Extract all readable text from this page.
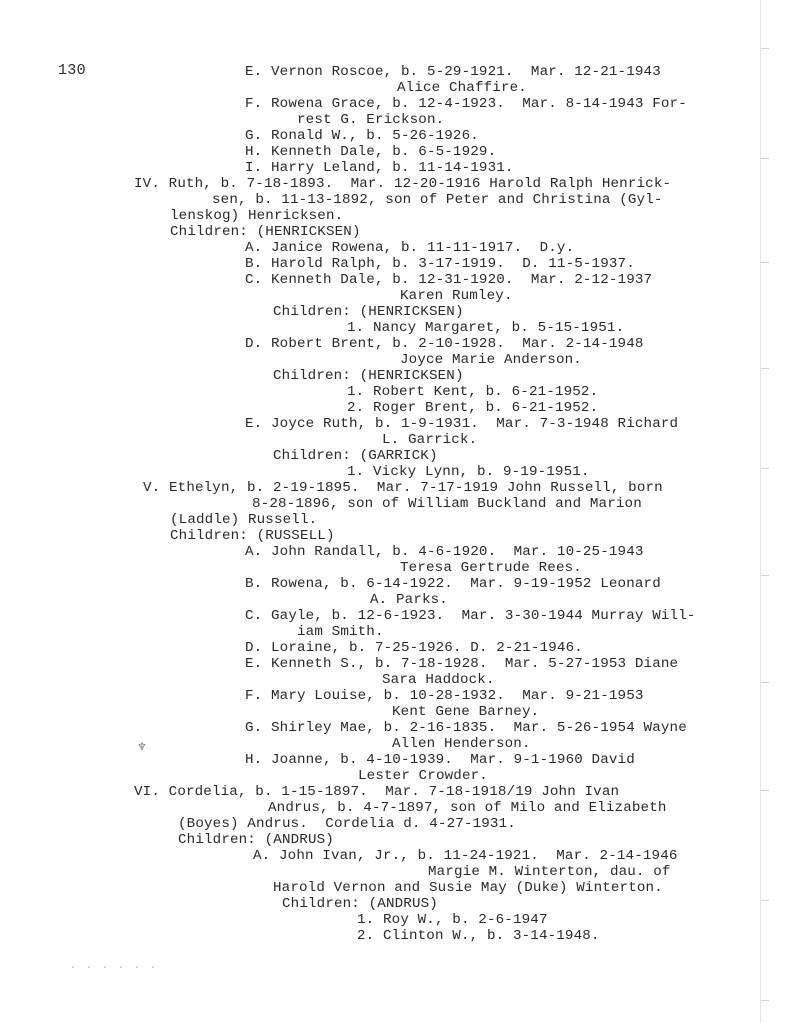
130	E. Vernon Roscoe, b. 5-29-1921.  Mar. 12-21-1943
Alice Chaffire.
F. Rowena Grace, b. 12-4-1923.  Mar. 8-14-1943 For-
rest G. Erickson.
G. Ronald W., b. 5-26-1926.
H. Kenneth Dale, b. 6-5-1929.
I. Harry Leland, b. 11-14-1931.
IV. Ruth, b. 7-18-1893.  Mar. 12-20-1916 Harold Ralph Henrick-
sen, b. 11-13-1892, son of Peter and Christina (Gyl-
lenskog) Henricksen.
Children: (HENRICKSEN)
A. Janice Rowena, b. 11-11-1917.  D.y.
B. Harold Ralph, b. 3-17-1919.  D. 11-5-1937.
C. Kenneth Dale, b. 12-31-1920.  Mar. 2-12-1937
Karen Rumley.
Children: (HENRICKSEN)
1. Nancy Margaret, b. 5-15-1951.
D. Robert Brent, b. 2-10-1928.  Mar. 2-14-1948
Joyce Marie Anderson.
Children: (HENRICKSEN)
1. Robert Kent, b. 6-21-1952.
2. Roger Brent, b. 6-21-1952.
E. Joyce Ruth, b. 1-9-1931.  Mar. 7-3-1948 Richard
L. Garrick.
Children: (GARRICK)
1. Vicky Lynn, b. 9-19-1951.
V. Ethelyn, b. 2-19-1895.  Mar. 7-17-1919 John Russell, born
8-28-1896, son of William Buckland and Marion
(Laddle) Russell.
Children: (RUSSELL)
A. John Randall, b. 4-6-1920.  Mar. 10-25-1943
Teresa Gertrude Rees.
B. Rowena, b. 6-14-1922.  Mar. 9-19-1952 Leonard
A. Parks.
C. Gayle, b. 12-6-1923.  Mar. 3-30-1944 Murray Will-
iam Smith.
D. Loraine, b. 7-25-1926. D. 2-21-1946.
E. Kenneth S., b. 7-18-1928.  Mar. 5-27-1953 Diane
Sara Haddock.
F. Mary Louise, b. 10-28-1932.  Mar. 9-21-1953
Kent Gene Barney.
G. Shirley Mae, b. 2-16-1835.  Mar. 5-26-1954 Wayne
Allen Henderson.
H. Joanne, b. 4-10-1939.  Mar. 9-1-1960 David
Lester Crowder.
VI. Cordelia, b. 1-15-1897.  Mar. 7-18-1918/19 John Ivan
Andrus, b. 4-7-1897, son of Milo and Elizabeth
(Boyes) Andrus.  Cordelia d. 4-27-1931.
Children: (ANDRUS)
A. John Ivan, Jr., b. 11-24-1921.  Mar. 2-14-1946
Margie M. Winterton, dau. of
Harold Vernon and Susie May (Duke) Winterton.
Children: (ANDRUS)
1. Roy W., b. 2-6-1947
2. Clinton W., b. 3-14-1948.
♆
· · · · · ·
